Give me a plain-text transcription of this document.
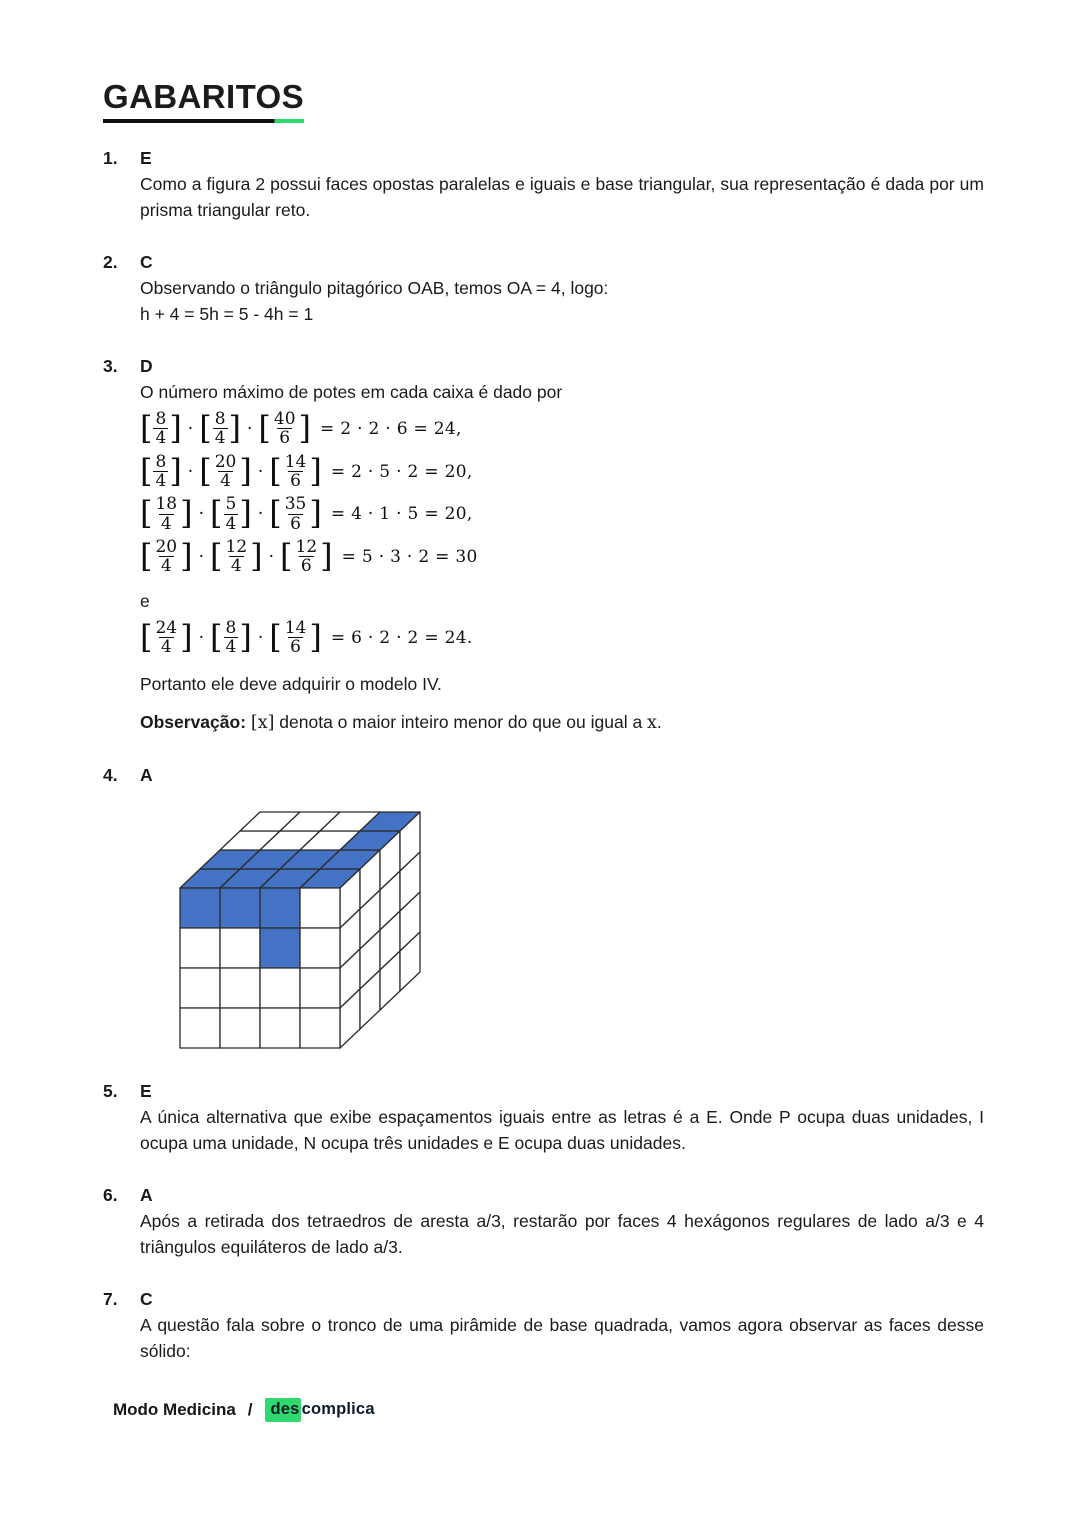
GABARITOS
1.	E

Como a figura 2 possui faces opostas paralelas e iguais e base triangular, sua representação é dada por um prisma triangular reto.

2.	C

Observando o triângulo pitagórico OAB, temos OA = 4, logo:

h + 4 = 5h = 5 - 4h = 1

3.	D

O número máximo de potes em cada caixa é dado por

[ $\frac{8}{4}$ ] · [ $\frac{8}{4}$ ] · [ $\frac{40}{6}$ ] = 2 · 2 · 6 = 24,
[ $\frac{8}{4}$ ] · [ $\frac{20}{4}$ ] · [ $\frac{14}{6}$ ] = 2 · 5 · 2 = 20,
[ $\frac{18}{4}$ ] · [ $\frac{5}{4}$ ] · [ $\frac{35}{6}$ ] = 4 · 1 · 5 = 20,
[ $\frac{20}{4}$ ] · [ $\frac{12}{4}$ ] · [ $\frac{12}{6}$ ] = 5 · 3 · 2 = 30

e

[ $\frac{24}{4}$ ] · [ $\frac{8}{4}$ ] · [ $\frac{14}{6}$ ] = 6 · 2 · 2 = 24.

Portanto ele deve adquirir o modelo IV.

Observação: [x] denota o maior inteiro menor do que ou igual a x.

4.	A
5.	E

A única alternativa que exibe espaçamentos iguais entre as letras é a E. Onde P ocupa duas unidades, I ocupa uma unidade, N ocupa três unidades e E ocupa duas unidades.

6.	A

Após a retirada dos tetraedros de aresta a/3, restarão por faces 4 hexágonos regulares de lado a/3 e 4 triângulos equiláteros de lado a/3.

7.	C

A questão fala sobre o tronco de uma pirâmide de base quadrada, vamos agora observar as faces desse sólido:

Modo Medicina /	des complica
